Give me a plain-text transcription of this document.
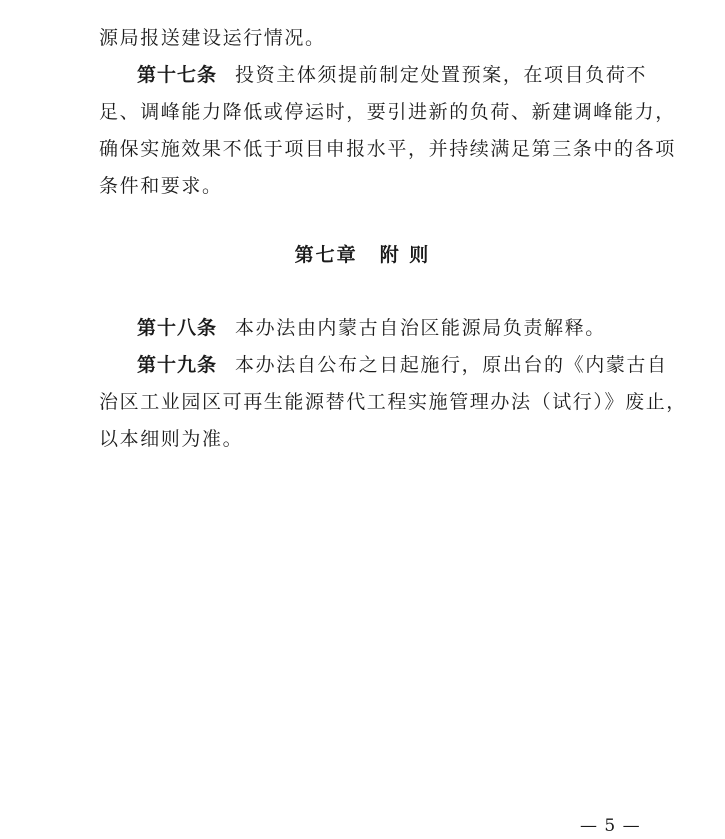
源局报送建设运行情况。
第十七条 投资主体须提前制定处置预案，在项目负荷不
足、调峰能力降低或停运时，要引进新的负荷、新建调峰能力，
确保实施效果不低于项目申报水平，并持续满足第三条中的各项
条件和要求。
第七章 附 则
第十八条 本办法由内蒙古自治区能源局负责解释。
第十九条 本办法自公布之日起施行，原出台的《内蒙古自
治区工业园区可再生能源替代工程实施管理办法（试行）》废止，
以本细则为准。
— 5 —
